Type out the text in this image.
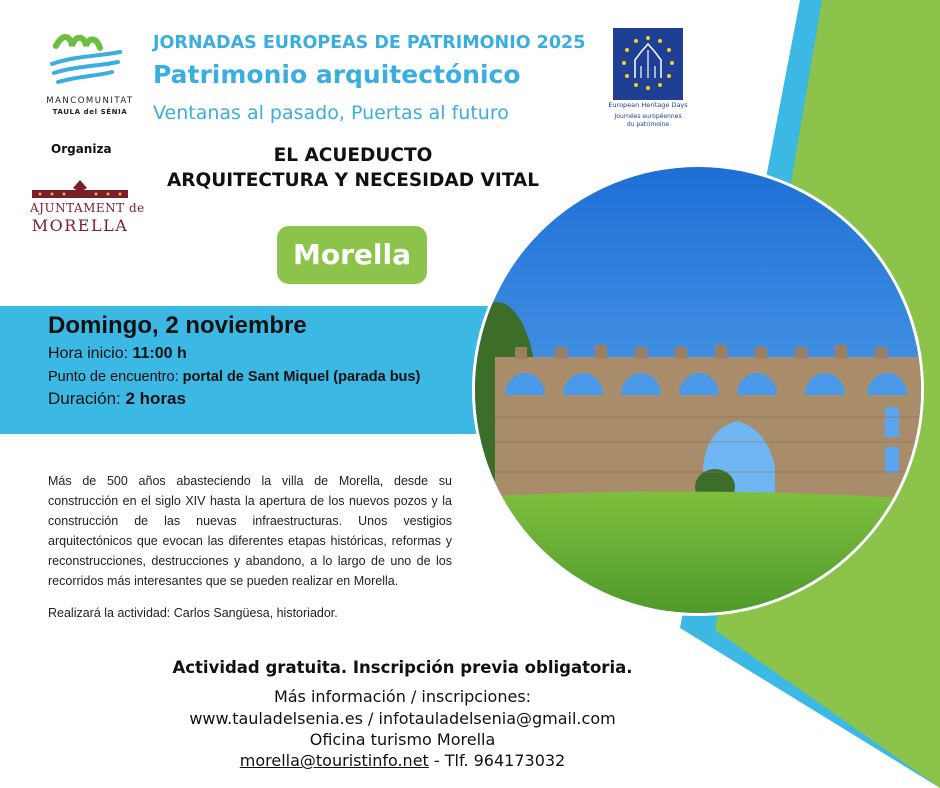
MANCOMUNITAT
TAULA del SÉNIA
Organiza
AJUNTAMENT de
MORELLA
JORNADAS EUROPEAS DE PATRIMONIO 2025
Patrimonio arquitectónico
Ventanas al pasado, Puertas al futuro	European Heritage Days
Journées européennes
du patrimoine
EL ACUEDUCTO
ARQUITECTURA Y NECESIDAD VITAL
Morella
Domingo, 2 noviembre
Hora inicio: 11:00 h
Punto de encuentro: portal de Sant Miquel (parada bus)
Duración: 2 horas
Más de 500 años abasteciendo la villa de Morella, desde su construcción en el siglo XIV hasta la apertura de los nuevos pozos y la construcción de las nuevas infraestructuras. Unos vestigios arquitectónicos que evocan las diferentes etapas históricas, reformas y reconstrucciones, destrucciones y abandono, a lo largo de uno de los recorridos más interesantes que se pueden realizar en Morella.
Realizará la actividad: Carlos Sangüesa, historiador.
Actividad gratuita. Inscripción previa obligatoria.
Más información / inscripciones:
www.tauladelsenia.es / infotauladelsenia@gmail.com
Oficina turismo Morella
morella@touristinfo.net - Tlf. 964173032
